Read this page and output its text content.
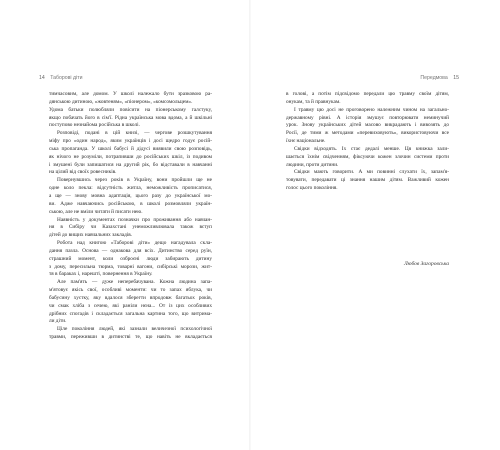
14 Таборові діти
тимчасовим, але домом. У школі належало бути зразковою ра-
дянською дитиною, «жовтеням», «піонером», «комсомольцем».
Удома батьки полюбляли повісити на піонерському галстуку,
якщо побачать його в сім'ї. Рідна українська мова вдома, а й шкільні
поступово незнайома російська в школі.
Розповіді, подані в цій книзі, — чергове розшкутування
міфу про «один народ», яким українців і досі щедро годує росій-
ська пропаганда. У школі бабусі й дідусі виявили свою розповідь,
як нічого не розуміли, потрапивши до російських шкіл, із подивом
і змушені були запишатися на другий рік, бо відставали в навчанні
на цілий від своїх ровесників.
Повернувшись через років в Україну, вони пройшли ще не
одне коло пекла: відсутність житла, неможливість прописатися,
а ще — знову мовна адаптація, цього разу до української мо-
ви. Адже навчаючись російською, в школі розмовляли україн-
ською, але не вміли читати й писати нею.
Наявність у документах позначки про проживання або навчан-
ня в Сибіру чи Казахстані унеможливлювала також вступ
дітей до вищих навчальних закладів.
Робота над книгою «Таборові діти» дещо нагадувала скла-
дання пазла. Основа — однакова для всіх. Дитинство серед руїн,
страшний момент, коли озброєні люди забирають дитину
з дому, пересильна тюрма, товарні вагони, сибірські морози, жит-
тя в бараках і, нарешті, повернення в Україну.
Але пам'ять — дуже неперебачувана. Кожна людина запа-
м'ятовує якісь свої, особливі моменти: чи то запах яблука, чи
бабусину хустку, яку вдалося зберегти впродовж багатьох років,
чи смак хліба з сечею, які раніли нєна... От із цих особливих
дрібних спогадів і складається загальна картина того, що витрима-
ли діти.
Ціле покоління людей, які зазнали величезної психологічної
травми, переживши в дитинстві те, що навіть не вкладається
Передмова 15
в голові, а потім підсвідомо передали цю травму своїм дітям,
онукам, та й правнукам.
І травму цю досі не проговорено належним чином на загально-
державному рівні. А історія змушує повторювати неминучий
урок. Знову українських дітей масово викрадають і вивозять до
Росії, де тими ж методами «перевиховують», використовуючи все
їхнє національне.
Свідки відходять. Їх стає дедалі менше. Ця книжка зали-
шається їхнім свідченням, фіксуючи кожен злочин системи проти
людини, проти дитини.
Свідки мають говорити. А ми повинні слухати їх, запам'я-
товувати, передавати ці знання нашим дітям. Важливий кожен
голос цього покоління.
Любов Загоровська
